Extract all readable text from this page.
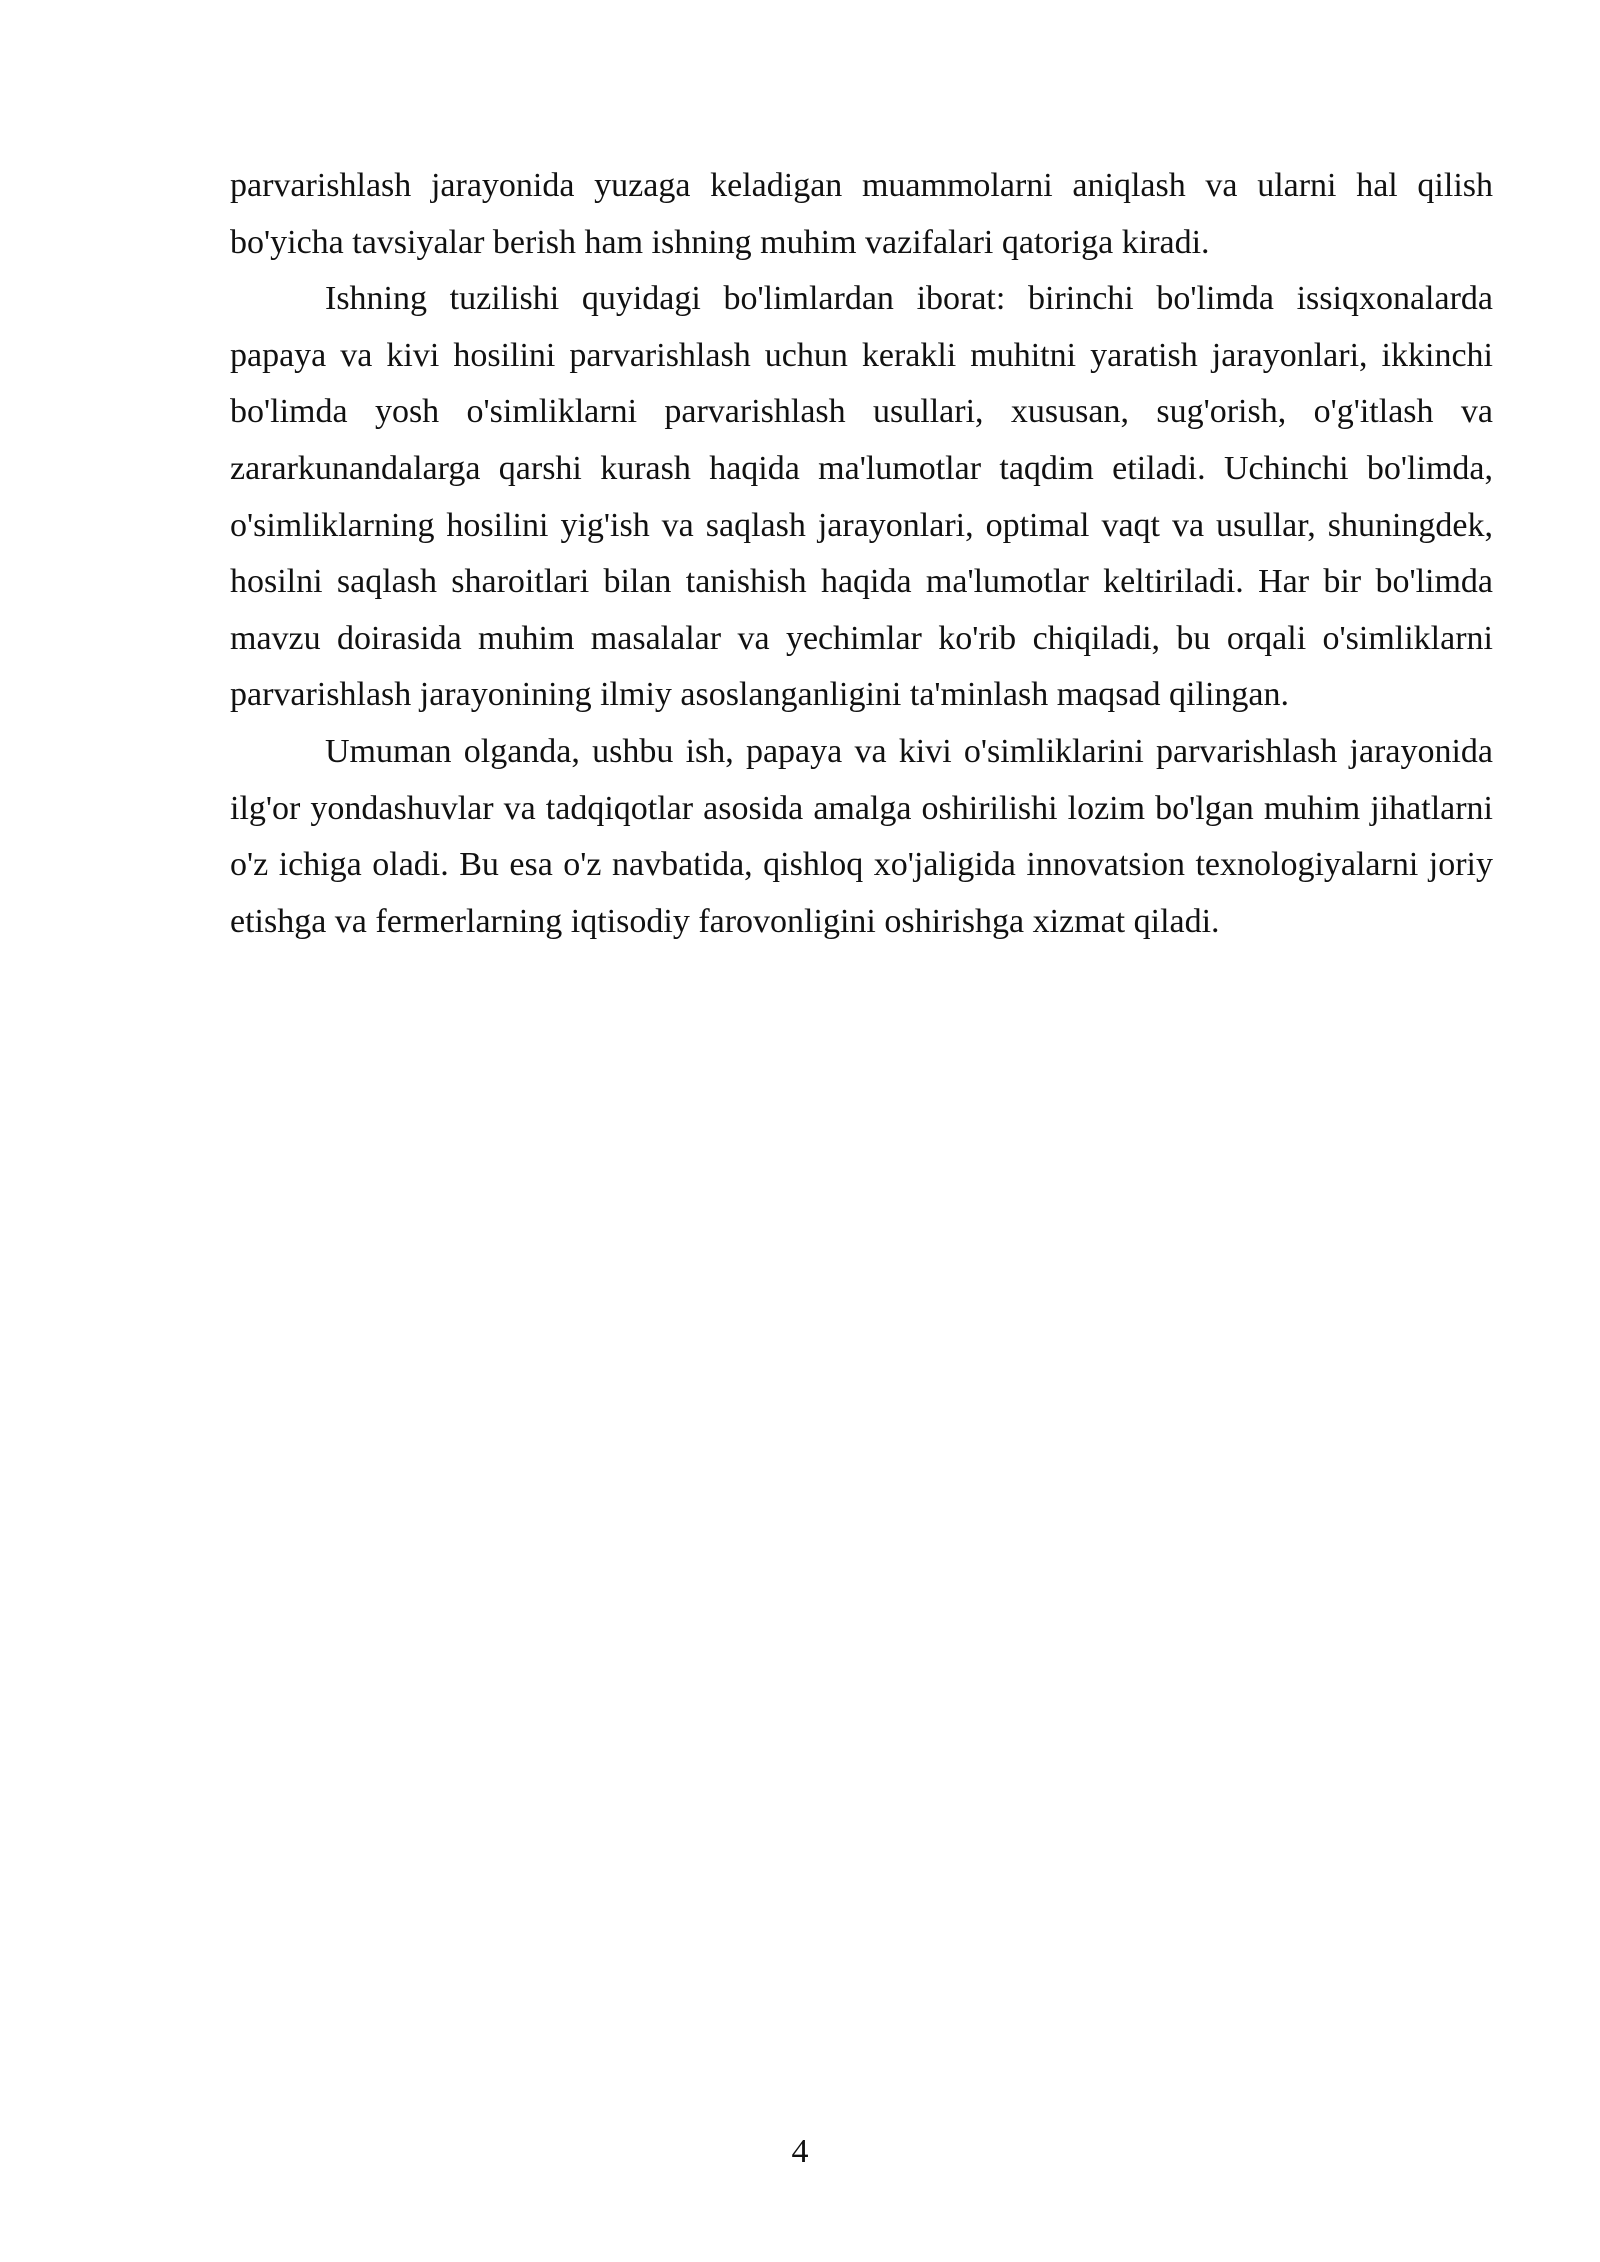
parvarishlash jarayonida yuzaga keladigan muammolarni aniqlash va ularni hal qilish bo'yicha tavsiyalar berish ham ishning muhim vazifalari qatoriga kiradi.

Ishning tuzilishi quyidagi bo'limlardan iborat: birinchi bo'limda issiqxonalarda papaya va kivi hosilini parvarishlash uchun kerakli muhitni yaratish jarayonlari, ikkinchi bo'limda yosh o'simliklarni parvarishlash usullari, xususan, sug'orish, o'g'itlash va zararkunandalarga qarshi kurash haqida ma'lumotlar taqdim etiladi. Uchinchi bo'limda, o'simliklarning hosilini yig'ish va saqlash jarayonlari, optimal vaqt va usullar, shuningdek, hosilni saqlash sharoitlari bilan tanishish haqida ma'lumotlar keltiriladi. Har bir bo'limda mavzu doirasida muhim masalalar va yechimlar ko'rib chiqiladi, bu orqali o'simliklarni parvarishlash jarayonining ilmiy asoslanganligini ta'minlash maqsad qilingan.

Umuman olganda, ushbu ish, papaya va kivi o'simliklarini parvarishlash jarayonida ilg'or yondashuvlar va tadqiqotlar asosida amalga oshirilishi lozim bo'lgan muhim jihatlarni o'z ichiga oladi. Bu esa o'z navbatida, qishloq xo'jaligida innovatsion texnologiyalarni joriy etishga va fermerlarning iqtisodiy farovonligini oshirishga xizmat qiladi.

4
